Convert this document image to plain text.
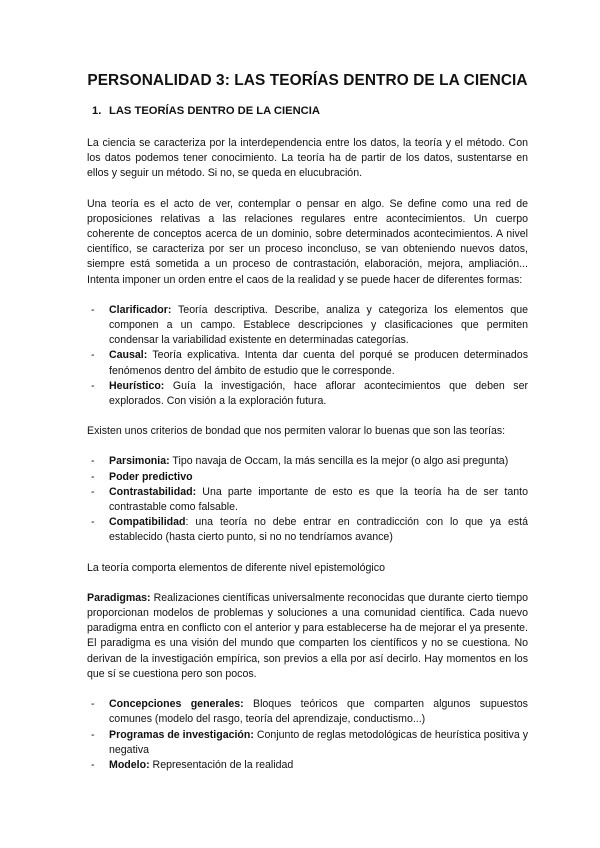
PERSONALIDAD 3: LAS TEORÍAS DENTRO DE LA CIENCIA
1. LAS TEORÍAS DENTRO DE LA CIENCIA

La ciencia se caracteriza por la interdependencia entre los datos, la teoría y el método. Con los datos podemos tener conocimiento. La teoría ha de partir de los datos, sustentarse en ellos y seguir un método. Si no, se queda en elucubración.

Una teoría es el acto de ver, contemplar o pensar en algo. Se define como una red de proposiciones relativas a las relaciones regulares entre acontecimientos. Un cuerpo coherente de conceptos acerca de un dominio, sobre determinados acontecimientos. A nivel científico, se caracteriza por ser un proceso inconcluso, se van obteniendo nuevos datos, siempre está sometida a un proceso de contrastación, elaboración, mejora, ampliación... Intenta imponer un orden entre el caos de la realidad y se puede hacer de diferentes formas:

- Clarificador: Teoría descriptiva. Describe, analiza y categoriza los elementos que componen a un campo. Establece descripciones y clasificaciones que permiten condensar la variabilidad existente en determinadas categorías.
- Causal: Teoría explicativa. Intenta dar cuenta del porqué se producen determinados fenómenos dentro del ámbito de estudio que le corresponde.
- Heurístico: Guía la investigación, hace aflorar acontecimientos que deben ser explorados. Con visión a la exploración futura.

Existen unos criterios de bondad que nos permiten valorar lo buenas que son las teorías:

- Parsimonia: Tipo navaja de Occam, la más sencilla es la mejor (o algo asi pregunta)
- Poder predictivo
- Contrastabilidad: Una parte importante de esto es que la teoría ha de ser tanto contrastable como falsable.
- Compatibilidad: una teoría no debe entrar en contradicción con lo que ya está establecido (hasta cierto punto, si no no tendríamos avance)

La teoría comporta elementos de diferente nivel epistemológico

Paradigmas: Realizaciones científicas universalmente reconocidas que durante cierto tiempo proporcionan modelos de problemas y soluciones a una comunidad científica. Cada nuevo paradigma entra en conflicto con el anterior y para establecerse ha de mejorar el ya presente. El paradigma es una visión del mundo que comparten los científicos y no se cuestiona. No derivan de la investigación empírica, son previos a ella por así decirlo. Hay momentos en los que sí se cuestiona pero son pocos.

- Concepciones generales: Bloques teóricos que comparten algunos supuestos comunes (modelo del rasgo, teoría del aprendizaje, conductismo...)
- Programas de investigación: Conjunto de reglas metodológicas de heurística positiva y negativa
- Modelo: Representación de la realidad
